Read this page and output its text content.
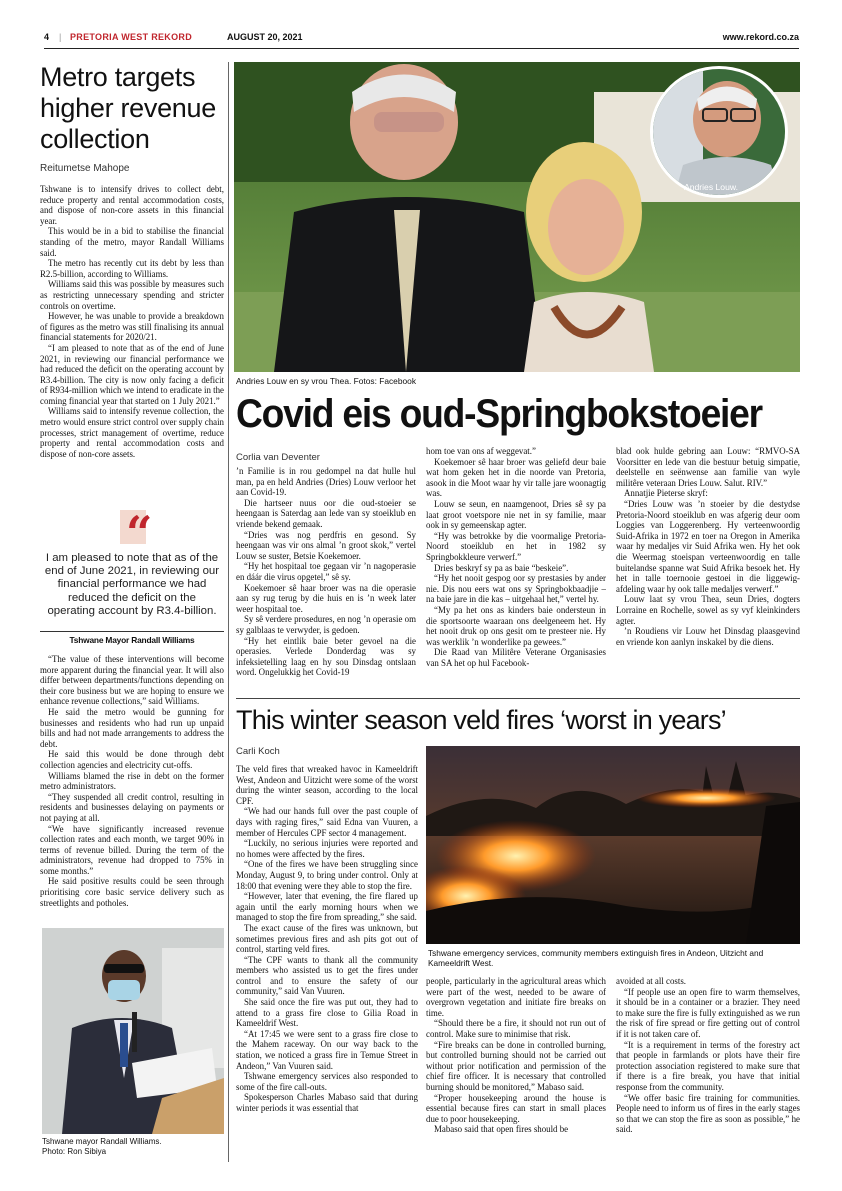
4 | PRETORIA WEST REKORD	AUGUST 20, 2021	www.rekord.co.za
Metro targets higher revenue collection
Reitumetse Mahope

Tshwane is to intensify drives to collect debt, reduce property and rental accommodation costs, and dispose of non-core assets in this financial year.

This would be in a bid to stabilise the financial standing of the metro, mayor Randall Williams said.

The metro has recently cut its debt by less than R2.5-billion, according to Williams.

Williams said this was possible by measures such as restricting unnecessary spending and stricter controls on overtime.

However, he was unable to provide a breakdown of figures as the metro was still finalising its annual financial statements for 2020/21.

“I am pleased to note that as of the end of June 2021, in reviewing our financial performance we had reduced the deficit on the operating account by R3.4-billion. The city is now only facing a deficit of R934-million which we intend to eradicate in the coming financial year that started on 1 July 2021.”

Williams said to intensify revenue collection, the metro would ensure strict control over supply chain processes, strict management of overtime, reduce property and rental accommodation costs and dispose of non-core assets.

“
I am pleased to note that as of the end of June 2021, in reviewing our financial performance we had reduced the deficit on the operating account by R3.4-billion.
Tshwane Mayor Randall Williams

“The value of these interventions will become more apparent during the financial year. It will also differ between departments/functions depending on their core business but we are hoping to ensure we enhance revenue collections,” said Williams.

He said the metro would be gunning for businesses and residents who had run up unpaid bills and had not made arrangements to address the debt.

He said this would be done through debt collection agencies and electricity cut-offs.

Williams blamed the rise in debt on the former metro administrators.

“They suspended all credit control, resulting in residents and businesses delaying on payments or not paying at all.

“We have significantly increased revenue collection rates and each month, we target 90% in terms of revenue billed. During the term of the administrators, revenue had dropped to 75% in some months.”

He said positive results could be seen through prioritising core basic service delivery such as streetlights and potholes.

Tshwane mayor Randall Williams.
Photo: Ron Sibiya
Andries Louw.
Andries Louw en sy vrou Thea. Fotos: Facebook
Covid eis oud-Springbokstoeier
Corlia van Deventer

’n Familie is in rou gedompel na dat hulle hul man, pa en held Andries (Dries) Louw verloor het aan Covid-19.

Die hartseer nuus oor die oud-stoeier se heengaan is Saterdag aan lede van sy stoeiklub en vriende bekend gemaak.

“Dries was nog perdfris en gesond. Sy heengaan was vir ons almal ’n groot skok,” vertel Louw se suster, Betsie Koekemoer.

“Hy het hospitaal toe gegaan vir ’n nagoperasie en dáár die virus opgetel,” sê sy.

Koekemoer sê haar broer was na die operasie aan sy rug terug by die huis en is ’n week later weer hospitaal toe.

Sy sê verdere prosedures, en nog ’n operasie om sy galblaas te verwyder, is gedoen.

“Hy het eintlik baie beter gevoel na die operasies. Verlede Donderdag was sy infeksietelling laag en hy sou Dinsdag ontslaan word. Ongelukkig het Covid-19

hom toe van ons af weggevat.”

Koekemoer sê haar broer was geliefd deur baie wat hom geken het in die noorde van Pretoria, asook in die Moot waar hy vir talle jare woonagtig was.

Louw se seun, en naamgenoot, Dries sê sy pa laat groot voetspore nie net in sy familie, maar ook in sy gemeenskap agter.

“Hy was betrokke by die voormalige Pretoria-Noord stoeiklub en het in 1982 sy Springbokkleure verwerf.”

Dries beskryf sy pa as baie “beskeie”.

“Hy het nooit gespog oor sy prestasies by ander nie. Dis nou eers wat ons sy Springbokbaadjie – na baie jare in die kas – uitgehaal het,” vertel hy.

“My pa het ons as kinders baie ondersteun in die sportsoorte waaraan ons deelgeneem het. Hy het nooit druk op ons gesit om te presteer nie. Hy was werklik ’n wonderlike pa gewees.”

Die Raad van Militêre Veterane Organisasies van SA het op hul Facebook-

blad ook hulde gebring aan Louw: “RMVO-SA Voorsitter en lede van die bestuur betuig simpatie, deelstelle en seënwense aan familie van wyle militêre veteraan Dries Louw. Salut. RIV.”

Annatjie Pieterse skryf:

“Dries Louw was ’n stoeier by die destydse Pretoria-Noord stoeiklub en was afgerig deur oom Loggies van Loggerenberg. Hy verteenwoordig Suid-Afrika in 1972 en toer na Oregon in Amerika waar hy medaljes vir Suid Afrika wen. Hy het ook die Weermag stoeispan verteenwoordig en talle buitelandse spanne wat Suid Afrika besoek het. Hy het in talle toernooie gestoei in die liggewig-afdeling waar hy ook talle medaljes verwerf.”

Louw laat sy vrou Thea, seun Dries, dogters Lorraine en Rochelle, sowel as sy vyf kleinkinders agter.

’n Roudiens vir Louw het Dinsdag plaasgevind en vriende kon aanlyn inskakel by die diens.

This winter season veld fires ‘worst in years’
Carli Koch

The veld fires that wreaked havoc in Kameeldrift West, Andeon and Uitzicht were some of the worst during the winter season, according to the local CPF.

“We had our hands full over the past couple of days with raging fires,” said Edna van Vuuren, a member of Hercules CPF sector 4 management.

“Luckily, no serious injuries were reported and no homes were affected by the fires.

“One of the fires we have been struggling since Monday, August 9, to bring under control. Only at 18:00 that evening were they able to stop the fire.

“However, later that evening, the fire flared up again until the early morning hours when we managed to stop the fire from spreading,” she said.

The exact cause of the fires was unknown, but sometimes previous fires and ash pits got out of control, starting veld fires.

“The CPF wants to thank all the community members who assisted us to get the fires under control and to ensure the safety of our community,” said Van Vuuren.

She said once the fire was put out, they had to attend to a grass fire close to Gilia Road in Kameeldrif West.

“At 17:45 we were sent to a grass fire close to the Mahem raceway. On our way back to the station, we noticed a grass fire in Temue Street in Andeon,” Van Vuuren said.

Tshwane emergency services also responded to some of the fire call-outs.

Spokesperson Charles Mabaso said that during winter periods it was essential that

Tshwane emergency services, community members extinguish fires in Andeon, Uitzicht and Kameeldrift West.

people, particularly in the agricultural areas which were part of the west, needed to be aware of overgrown vegetation and initiate fire breaks on time.

“Should there be a fire, it should not run out of control. Make sure to minimise that risk.

“Fire breaks can be done in controlled burning, but controlled burning should not be carried out without prior notification and permission of the chief fire officer. It is necessary that controlled burning should be monitored,” Mabaso said.

“Proper housekeeping around the house is essential because fires can start in small places due to poor housekeeping.

Mabaso said that open fires should be

avoided at all costs.

“If people use an open fire to warm themselves, it should be in a container or a brazier. They need to make sure the fire is fully extinguished as we run the risk of fire spread or fire getting out of control if it is not taken care of.

“It is a requirement in terms of the forestry act that people in farmlands or plots have their fire protection association registered to make sure that if there is a fire break, you have that initial response from the community.

“We offer basic fire training for communities. People need to inform us of fires in the early stages so that we can stop the fire as soon as possible,” he said.
